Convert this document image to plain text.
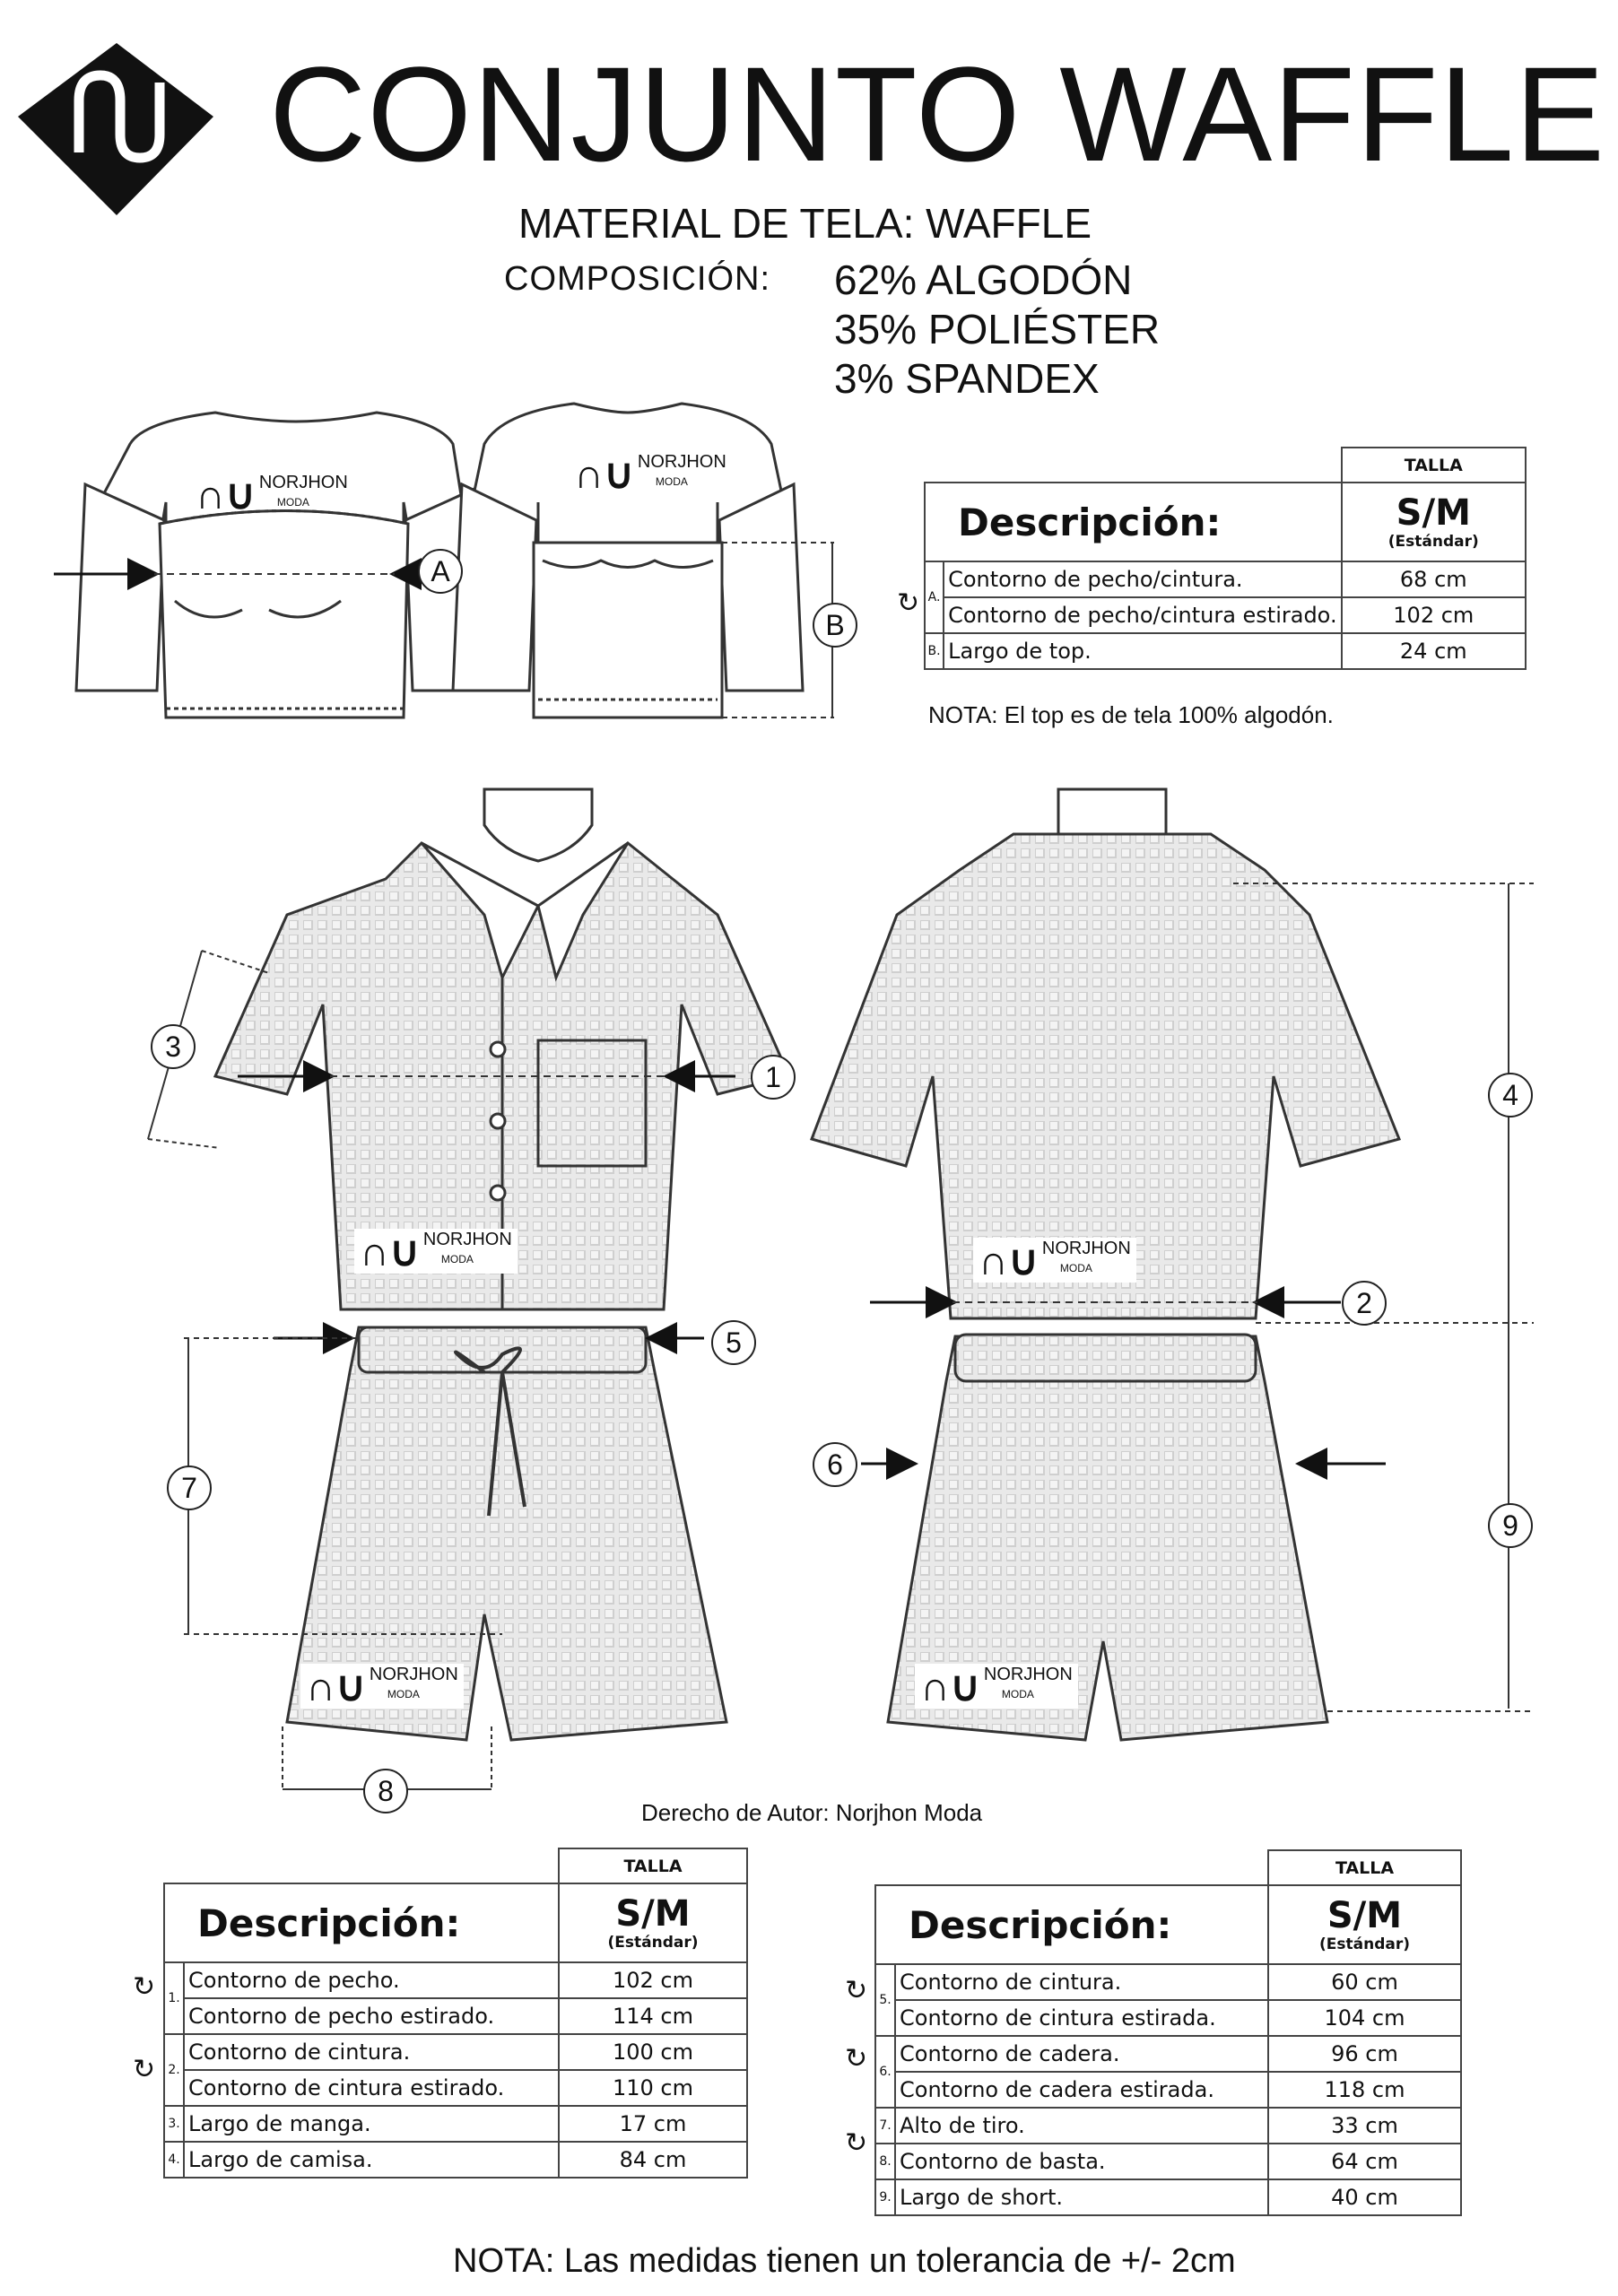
CONJUNTO WAFFLE
MATERIAL DE TELA: WAFFLE
COMPOSICIÓN: 62% ALGODÓN
35% POLIÉSTER
3% SPANDEX
∩∪ NORJHON
MODA
∩∪ NORJHON
MODA
∩∪ NORJHON
MODA	∩∪ NORJHON
MODA
∩∪ NORJHON
MODA	∩∪ NORJHON
MODA
A
B
1
2
3
4
5
6
7
8
9
↻
		TALLA
Descripción:		S/M
(Estándar)

A.	Contorno de pecho/cintura.	68 cm
	Contorno de pecho/cintura estirado.	102 cm
B.	Largo de top.	24 cm
NOTA: El top es de tela 100% algodón.
Derecho de Autor: Norjhon Moda
↻
↻
		TALLA
Descripción:		S/M
(Estándar)

1.	Contorno de pecho.	102 cm
	Contorno de pecho estirado.	114 cm
2.	Contorno de cintura.	100 cm
	Contorno de cintura estirado.	110 cm
3.	Largo de manga.	17 cm
4.	Largo de camisa.	84 cm
↻
↻
↻
		TALLA
Descripción:		S/M
(Estándar)

5.	Contorno de cintura.	60 cm
	Contorno de cintura estirada.	104 cm
6.	Contorno de cadera.	96 cm
	Contorno de cadera estirada.	118 cm
7.	Alto de tiro.	33 cm
8.	Contorno de basta.	64 cm
9.	Largo de short.	40 cm
NOTA: Las medidas tienen un tolerancia de +/- 2cm
